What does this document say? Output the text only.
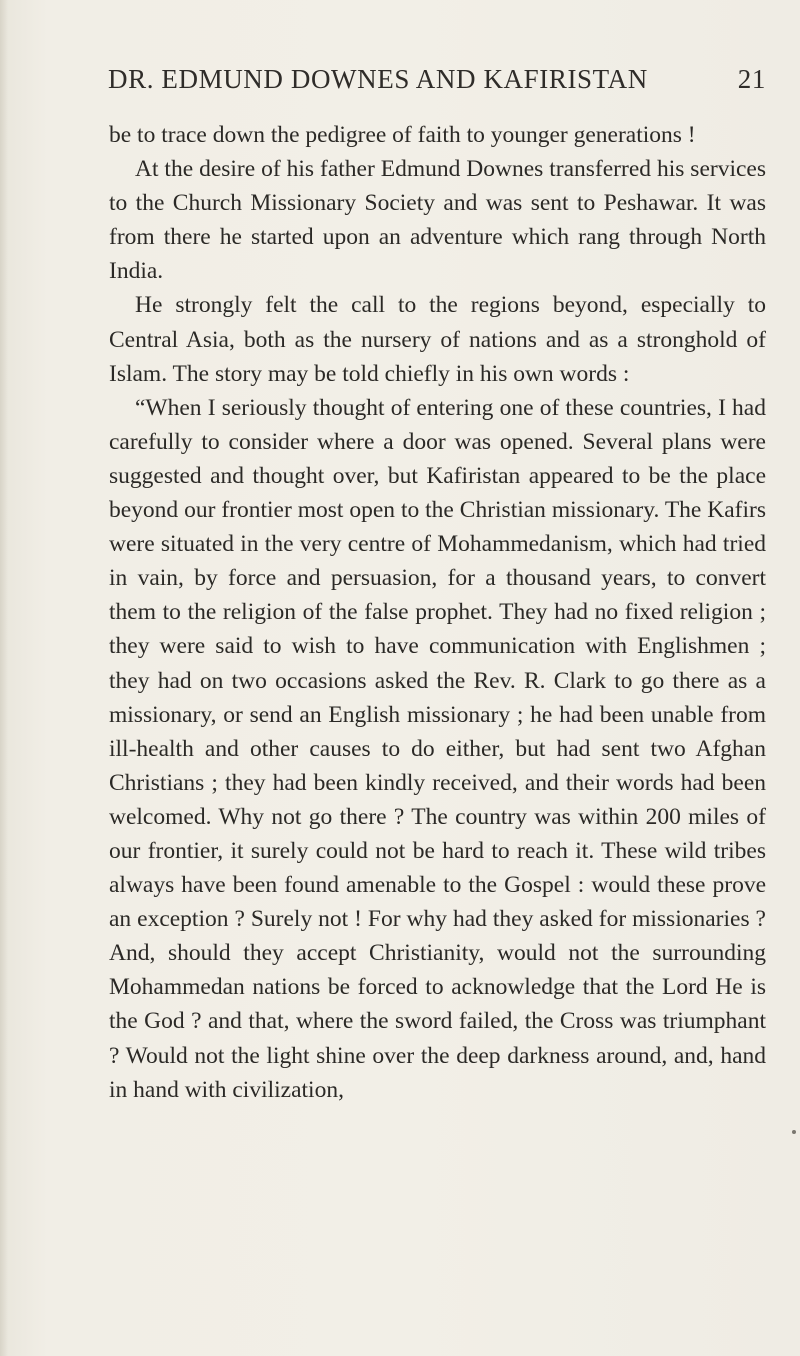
DR. EDMUND DOWNES AND KAFIRISTAN	21

be to trace down the pedigree of faith to younger generations !

At the desire of his father Edmund Downes transferred his services to the Church Missionary Society and was sent to Peshawar. It was from there he started upon an adventure which rang through North India.

He strongly felt the call to the regions beyond, especially to Central Asia, both as the nursery of nations and as a stronghold of Islam. The story may be told chiefly in his own words :

“When I seriously thought of entering one of these countries, I had carefully to consider where a door was opened. Several plans were suggested and thought over, but Kafiristan appeared to be the place beyond our frontier most open to the Christian missionary. The Kafirs were situated in the very centre of Mohammedanism, which had tried in vain, by force and persuasion, for a thousand years, to convert them to the religion of the false prophet. They had no fixed religion ; they were said to wish to have communication with Englishmen ; they had on two occasions asked the Rev. R. Clark to go there as a missionary, or send an English missionary ; he had been unable from ill-health and other causes to do either, but had sent two Afghan Christians ; they had been kindly received, and their words had been welcomed. Why not go there ? The country was within 200 miles of our frontier, it surely could not be hard to reach it. These wild tribes always have been found amenable to the Gospel : would these prove an exception ? Surely not ! For why had they asked for missionaries ? And, should they accept Christianity, would not the surrounding Mohammedan nations be forced to acknowledge that the Lord He is the God ? and that, where the sword failed, the Cross was triumphant ? Would not the light shine over the deep darkness around, and, hand in hand with civilization,
